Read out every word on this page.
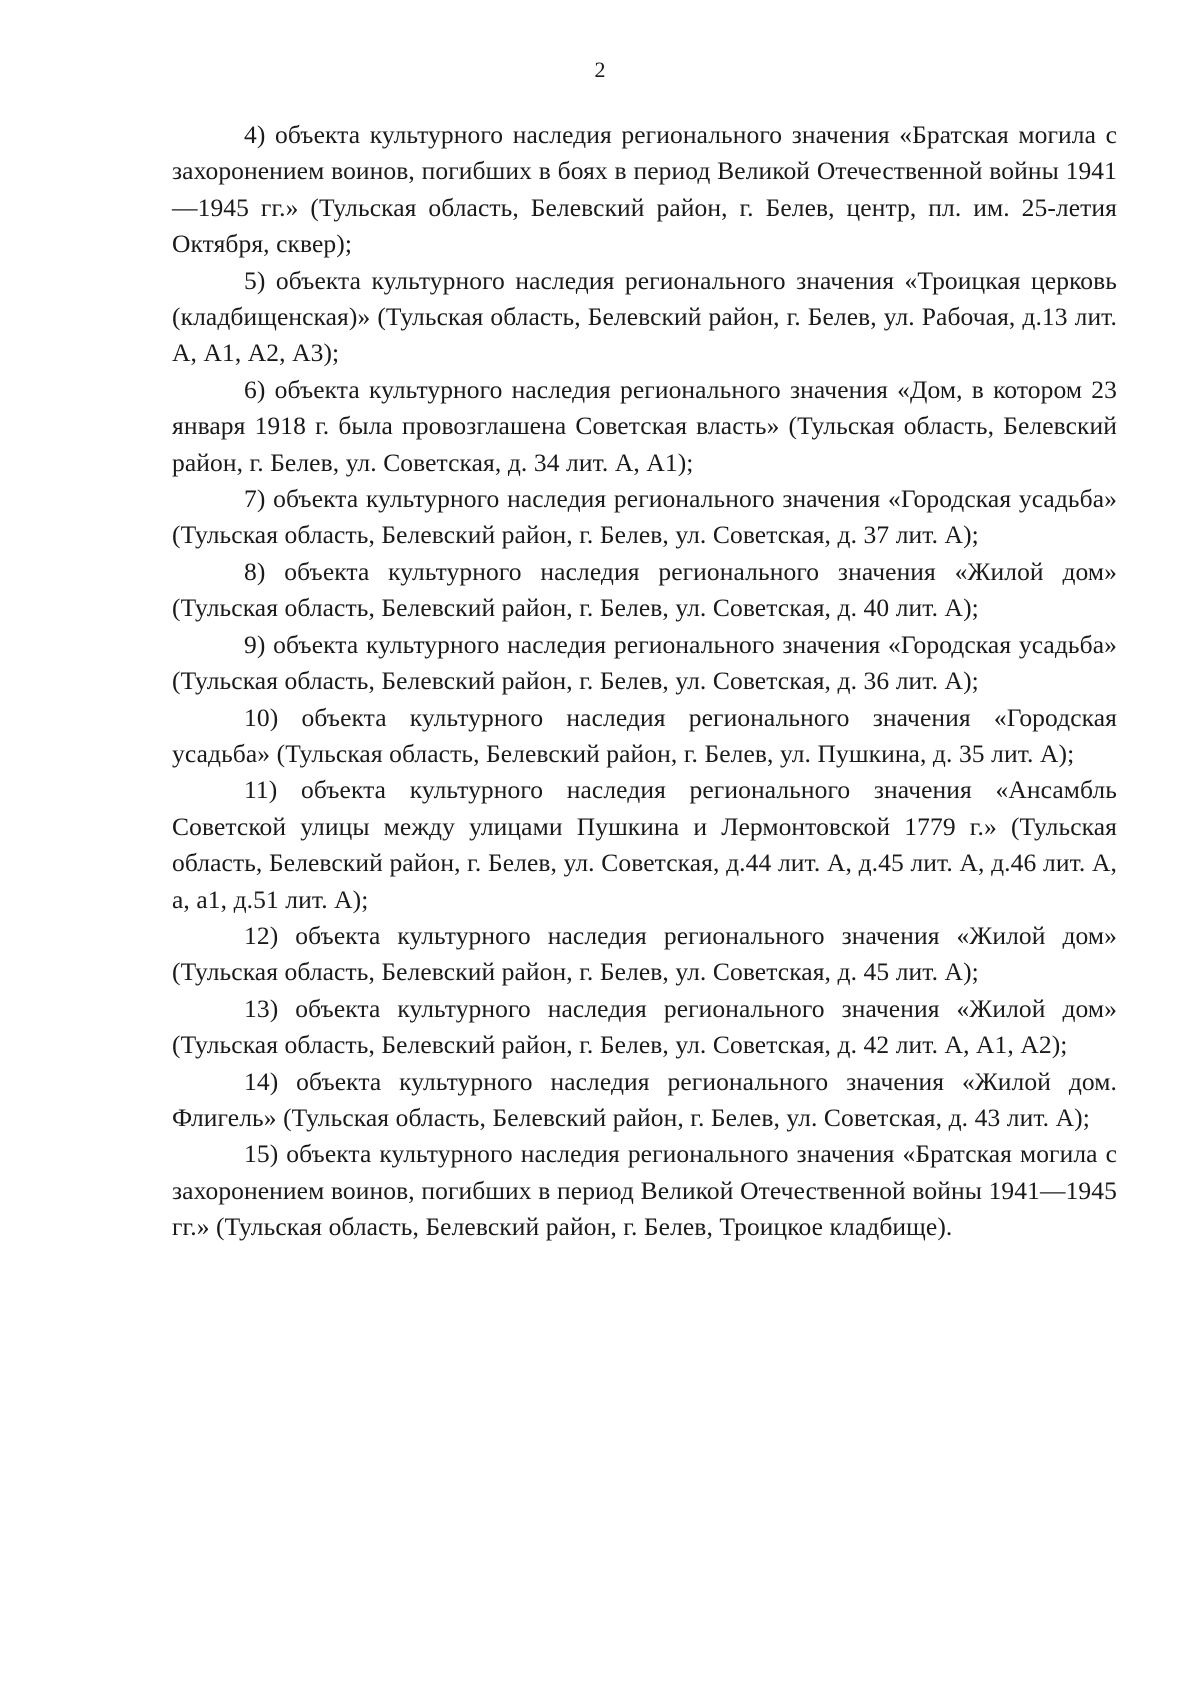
2

4) объекта культурного наследия регионального значения «Братская могила с захоронением воинов, погибших в боях в период Великой Отечественной войны 1941—1945 гг.» (Тульская область, Белевский район, г. Белев, центр, пл. им. 25-летия Октября, сквер);

5) объекта культурного наследия регионального значения «Троицкая церковь (кладбищенская)» (Тульская область, Белевский район, г. Белев, ул. Рабочая, д.13 лит. А, А1, А2, А3);

6) объекта культурного наследия регионального значения «Дом, в котором 23 января 1918 г. была провозглашена Советская власть» (Тульская область, Белевский район, г. Белев, ул. Советская, д. 34 лит. А, А1);

7) объекта культурного наследия регионального значения «Городская усадьба» (Тульская область, Белевский район, г. Белев, ул. Советская, д. 37 лит. А);

8) объекта культурного наследия регионального значения «Жилой дом» (Тульская область, Белевский район, г. Белев, ул. Советская, д. 40 лит. А);

9) объекта культурного наследия регионального значения «Городская усадьба» (Тульская область, Белевский район, г. Белев, ул. Советская, д. 36 лит. А);

10) объекта культурного наследия регионального значения «Городская усадьба» (Тульская область, Белевский район, г. Белев, ул. Пушкина, д. 35 лит. А);

11) объекта культурного наследия регионального значения «Ансамбль Советской улицы между улицами Пушкина и Лермонтовской 1779 г.» (Тульская область, Белевский район, г. Белев, ул. Советская, д.44 лит. А, д.45 лит. А, д.46 лит. А, а, а1, д.51 лит. А);

12) объекта культурного наследия регионального значения «Жилой дом» (Тульская область, Белевский район, г. Белев, ул. Советская, д. 45 лит. А);

13) объекта культурного наследия регионального значения «Жилой дом» (Тульская область, Белевский район, г. Белев, ул. Советская, д. 42 лит. А, А1, А2);

14) объекта культурного наследия регионального значения «Жилой дом. Флигель» (Тульская область, Белевский район, г. Белев, ул. Советская, д. 43 лит. А);

15) объекта культурного наследия регионального значения «Братская могила с захоронением воинов, погибших в период Великой Отечественной войны 1941—1945 гг.» (Тульская область, Белевский район, г. Белев, Троицкое кладбище).
